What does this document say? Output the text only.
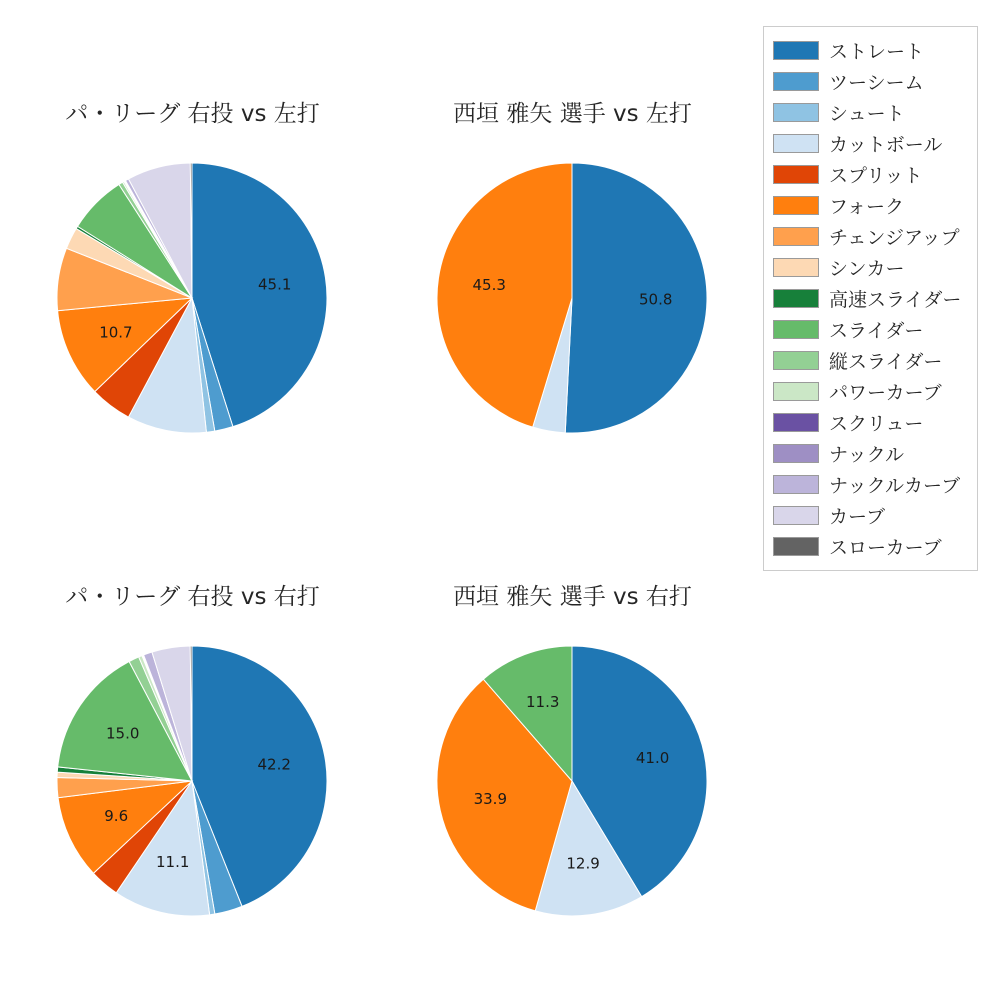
パ・リーグ 右投 vs 左打
45.1
10.7
西垣 雅矢 選手 vs 左打
50.8
45.3
パ・リーグ 右投 vs 右打
42.2
11.1
9.6
15.0
西垣 雅矢 選手 vs 右打
41.0
12.9
33.9
11.3
ストレート
ツーシーム
シュート
カットボール
スプリット
フォーク
チェンジアップ
シンカー
高速スライダー
スライダー
縦スライダー
パワーカーブ
スクリュー
ナックル
ナックルカーブ
カーブ
スローカーブ
